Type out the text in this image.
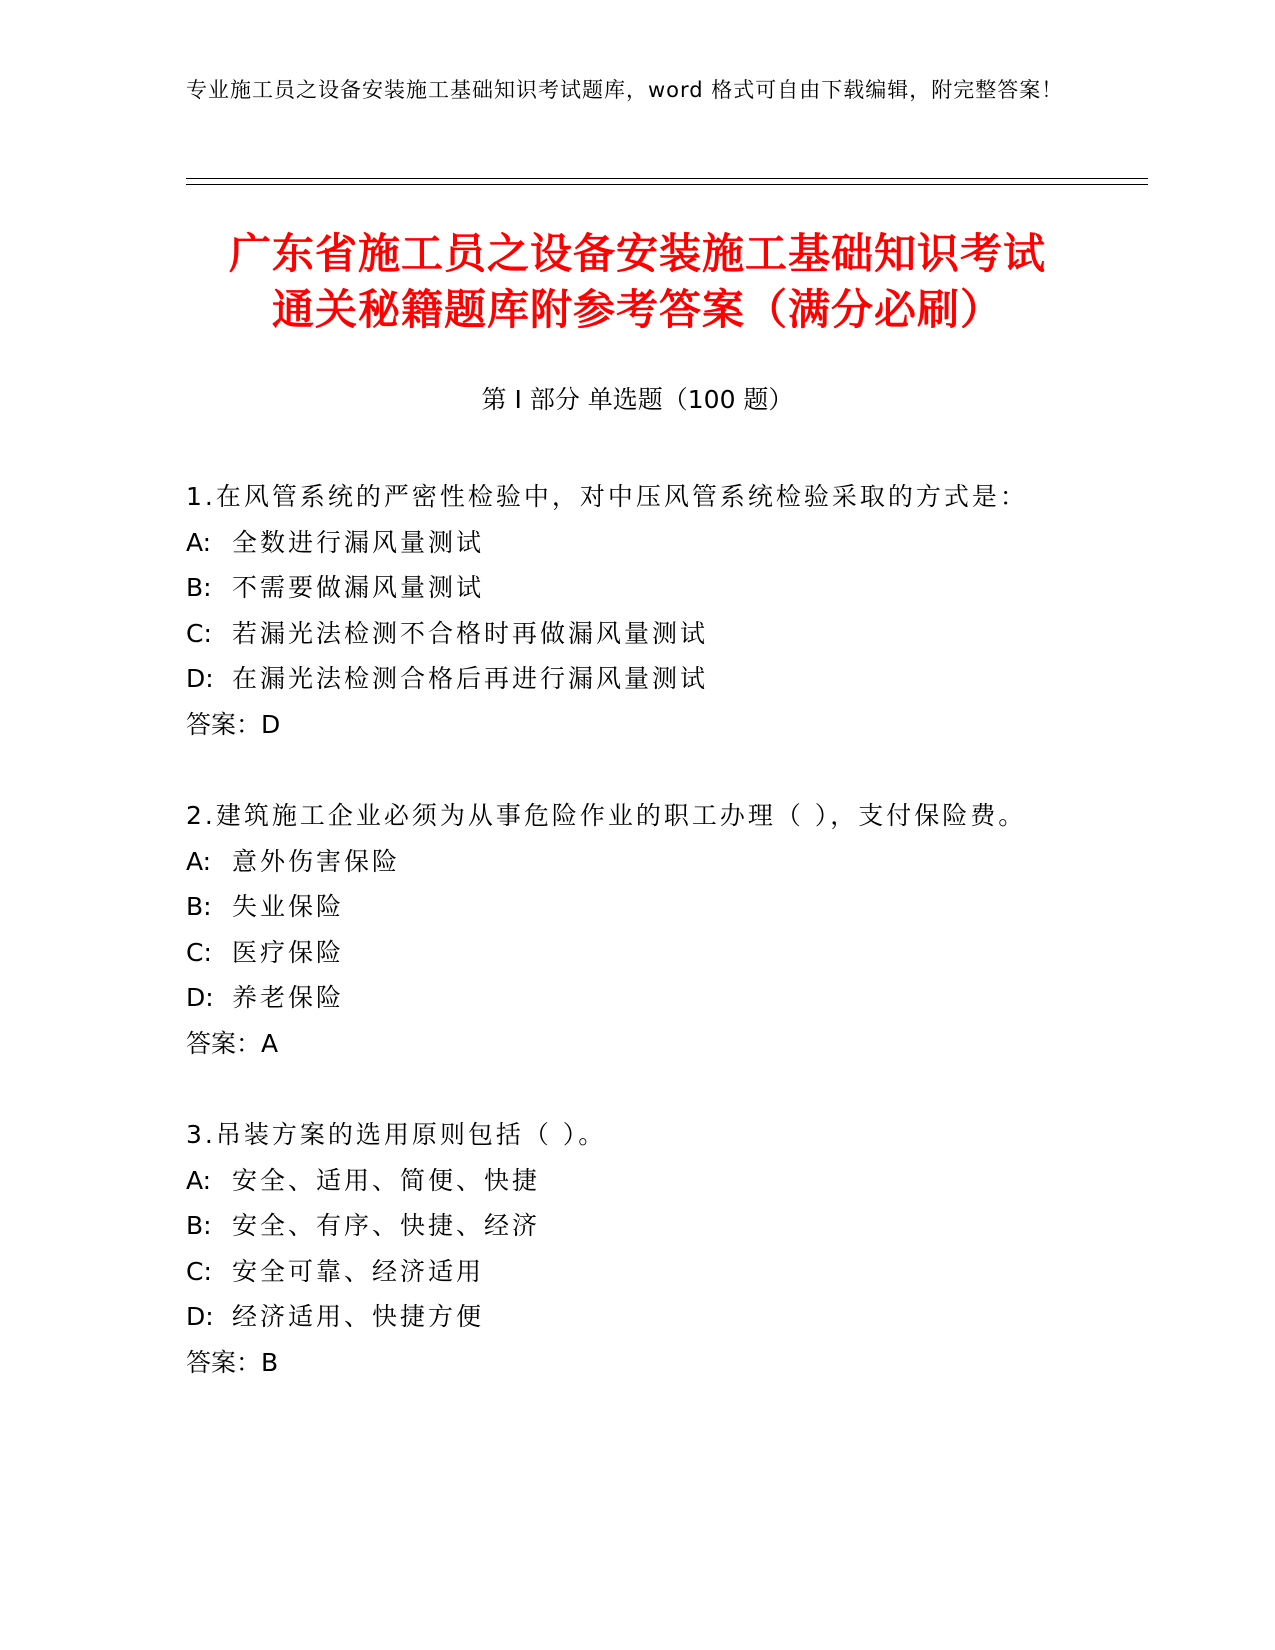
专业施工员之设备安装施工基础知识考试题库，word 格式可自由下载编辑，附完整答案！
广东省施工员之设备安装施工基础知识考试
通关秘籍题库附参考答案（满分必刷）
第 I 部分 单选题（100 题）
1.在风管系统的严密性检验中，对中压风管系统检验采取的方式是：
A: 全数进行漏风量测试
B: 不需要做漏风量测试
C: 若漏光法检测不合格时再做漏风量测试
D: 在漏光法检测合格后再进行漏风量测试
答案：D
2.建筑施工企业必须为从事危险作业的职工办理（ ），支付保险费。
A: 意外伤害保险
B: 失业保险
C: 医疗保险
D: 养老保险
答案：A
3.吊装方案的选用原则包括（ ）。
A: 安全、适用、简便、快捷
B: 安全、有序、快捷、经济
C: 安全可靠、经济适用
D: 经济适用、快捷方便
答案：B
